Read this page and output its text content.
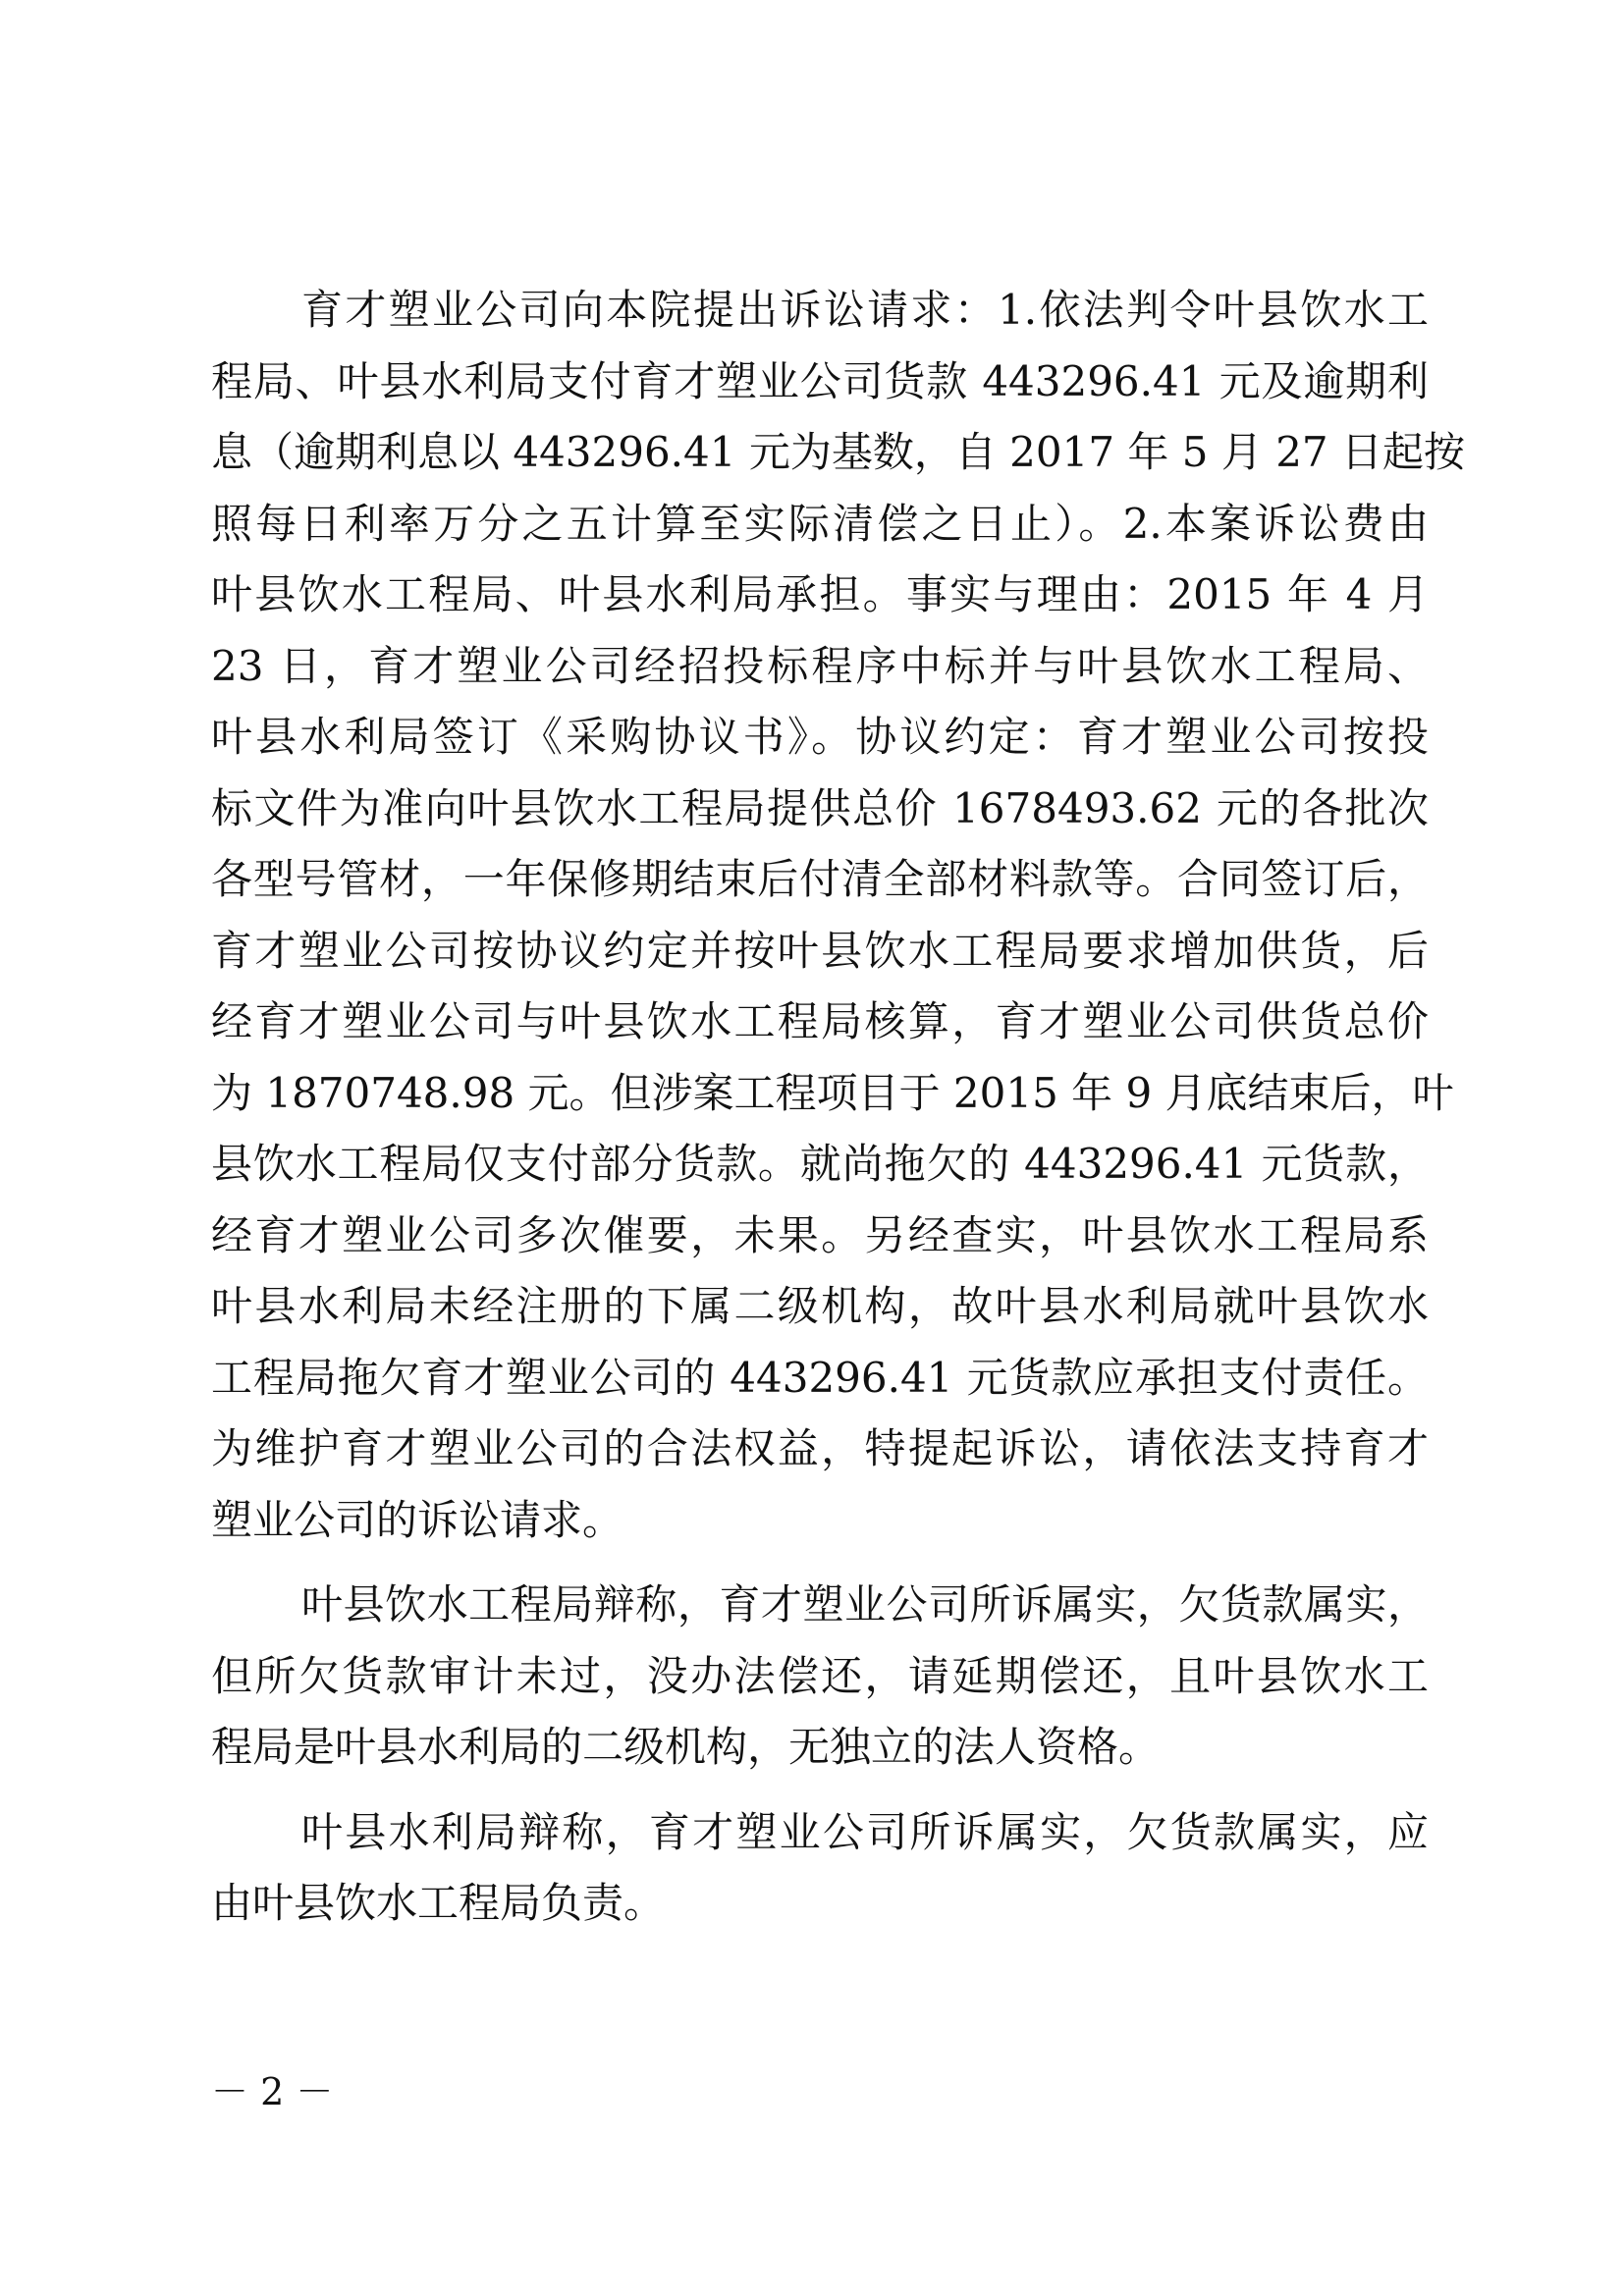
育才塑业公司向本院提出诉讼请求：1.依法判令叶县饮水工
程局、叶县水利局支付育才塑业公司货款 443296.41 元及逾期利
息（逾期利息以 443296.41 元为基数，自 2017 年 5 月 27 日起按
照每日利率万分之五计算至实际清偿之日止）。2.本案诉讼费由
叶县饮水工程局、叶县水利局承担。事实与理由：2015 年 4 月
23 日，育才塑业公司经招投标程序中标并与叶县饮水工程局、
叶县水利局签订《采购协议书》。协议约定：育才塑业公司按投
标文件为准向叶县饮水工程局提供总价 1678493.62 元的各批次
各型号管材，一年保修期结束后付清全部材料款等。合同签订后，
育才塑业公司按协议约定并按叶县饮水工程局要求增加供货，后
经育才塑业公司与叶县饮水工程局核算，育才塑业公司供货总价
为 1870748.98 元。但涉案工程项目于 2015 年 9 月底结束后，叶
县饮水工程局仅支付部分货款。就尚拖欠的 443296.41 元货款，
经育才塑业公司多次催要，未果。另经查实，叶县饮水工程局系
叶县水利局未经注册的下属二级机构，故叶县水利局就叶县饮水
工程局拖欠育才塑业公司的 443296.41 元货款应承担支付责任。
为维护育才塑业公司的合法权益，特提起诉讼，请依法支持育才
塑业公司的诉讼请求。
叶县饮水工程局辩称，育才塑业公司所诉属实，欠货款属实，
但所欠货款审计未过，没办法偿还，请延期偿还，且叶县饮水工
程局是叶县水利局的二级机构，无独立的法人资格。
叶县水利局辩称，育才塑业公司所诉属实，欠货款属实，应
由叶县饮水工程局负责。
－ 2 －
